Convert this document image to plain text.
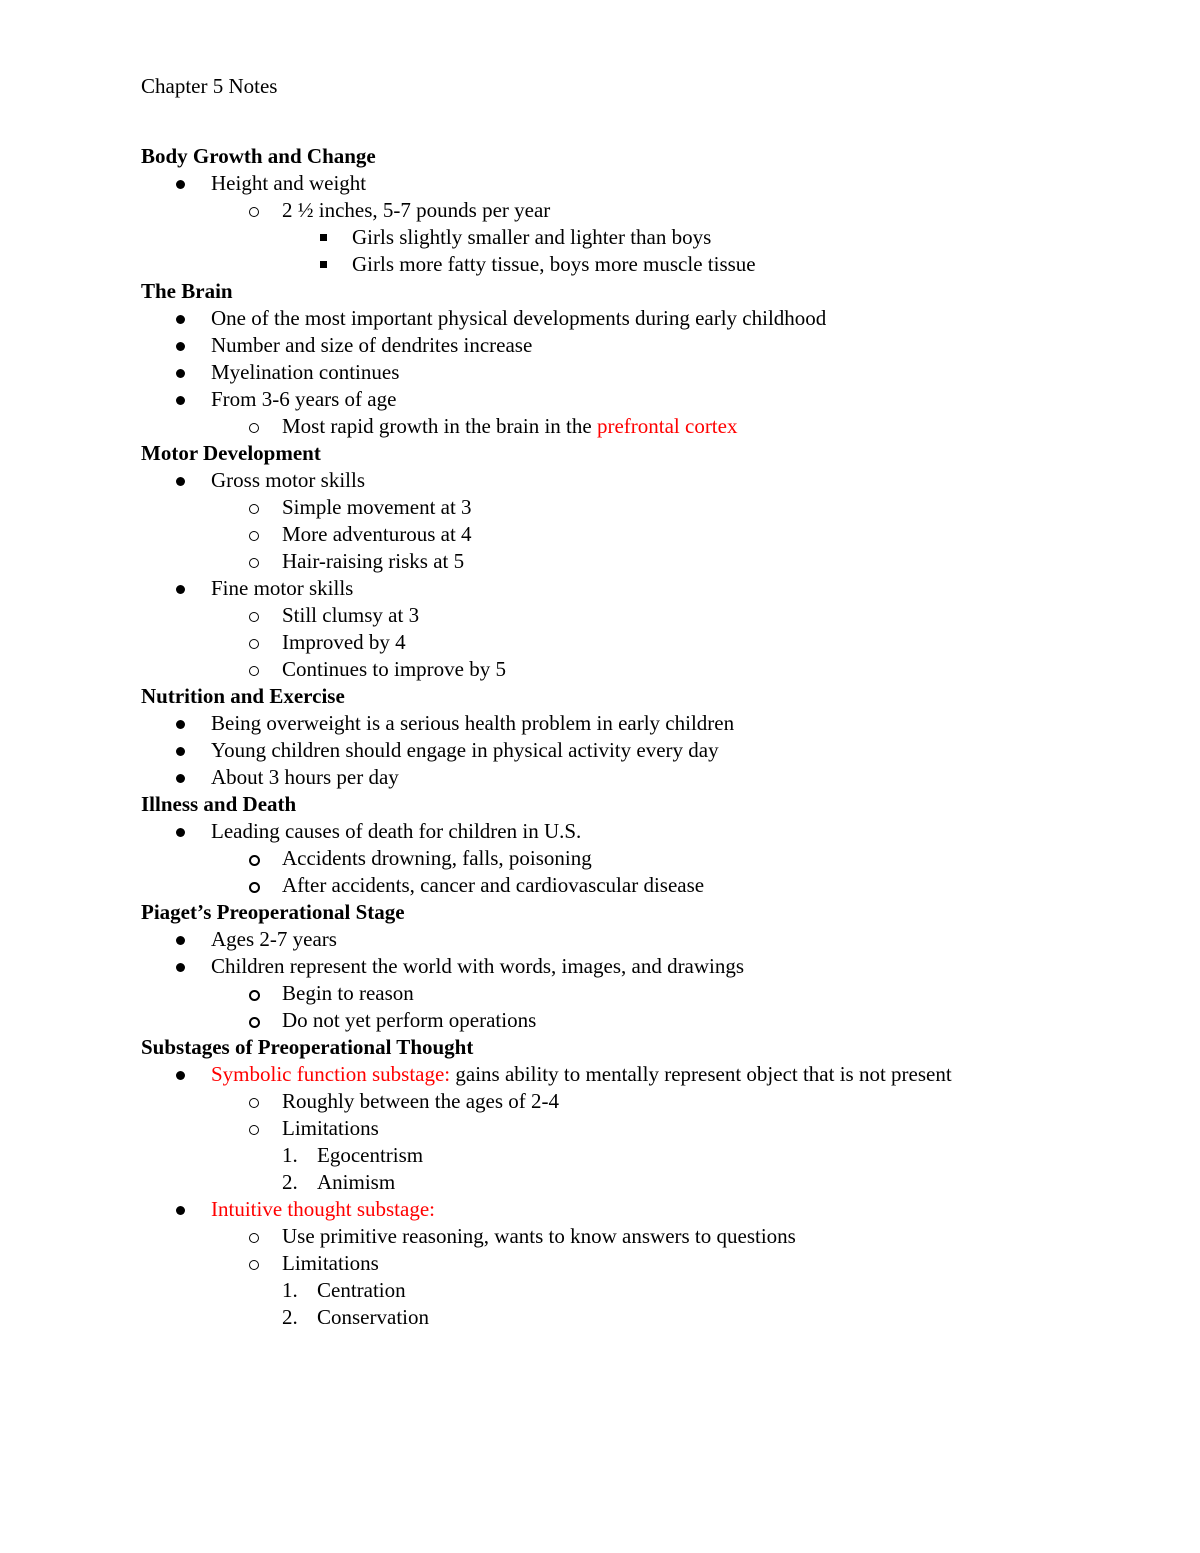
Chapter 5 Notes
Body Growth and Change
Height and weight
2 ½ inches, 5-7 pounds per year
Girls slightly smaller and lighter than boys
Girls more fatty tissue, boys more muscle tissue
The Brain
One of the most important physical developments during early childhood
Number and size of dendrites increase
Myelination continues
From 3-6 years of age
Most rapid growth in the brain in the prefrontal cortex
Motor Development
Gross motor skills
Simple movement at 3
More adventurous at 4
Hair-raising risks at 5
Fine motor skills
Still clumsy at 3
Improved by 4
Continues to improve by 5
Nutrition and Exercise
Being overweight is a serious health problem in early children
Young children should engage in physical activity every day
About 3 hours per day
Illness and Death
Leading causes of death for children in U.S.
Accidents drowning, falls, poisoning
After accidents, cancer and cardiovascular disease
Piaget’s Preoperational Stage
Ages 2-7 years
Children represent the world with words, images, and drawings
Begin to reason
Do not yet perform operations
Substages of Preoperational Thought
Symbolic function substage: gains ability to mentally represent object that is not present
Roughly between the ages of 2-4
Limitations
1. Egocentrism
2. Animism
Intuitive thought substage:
Use primitive reasoning, wants to know answers to questions
Limitations
1. Centration
2. Conservation
